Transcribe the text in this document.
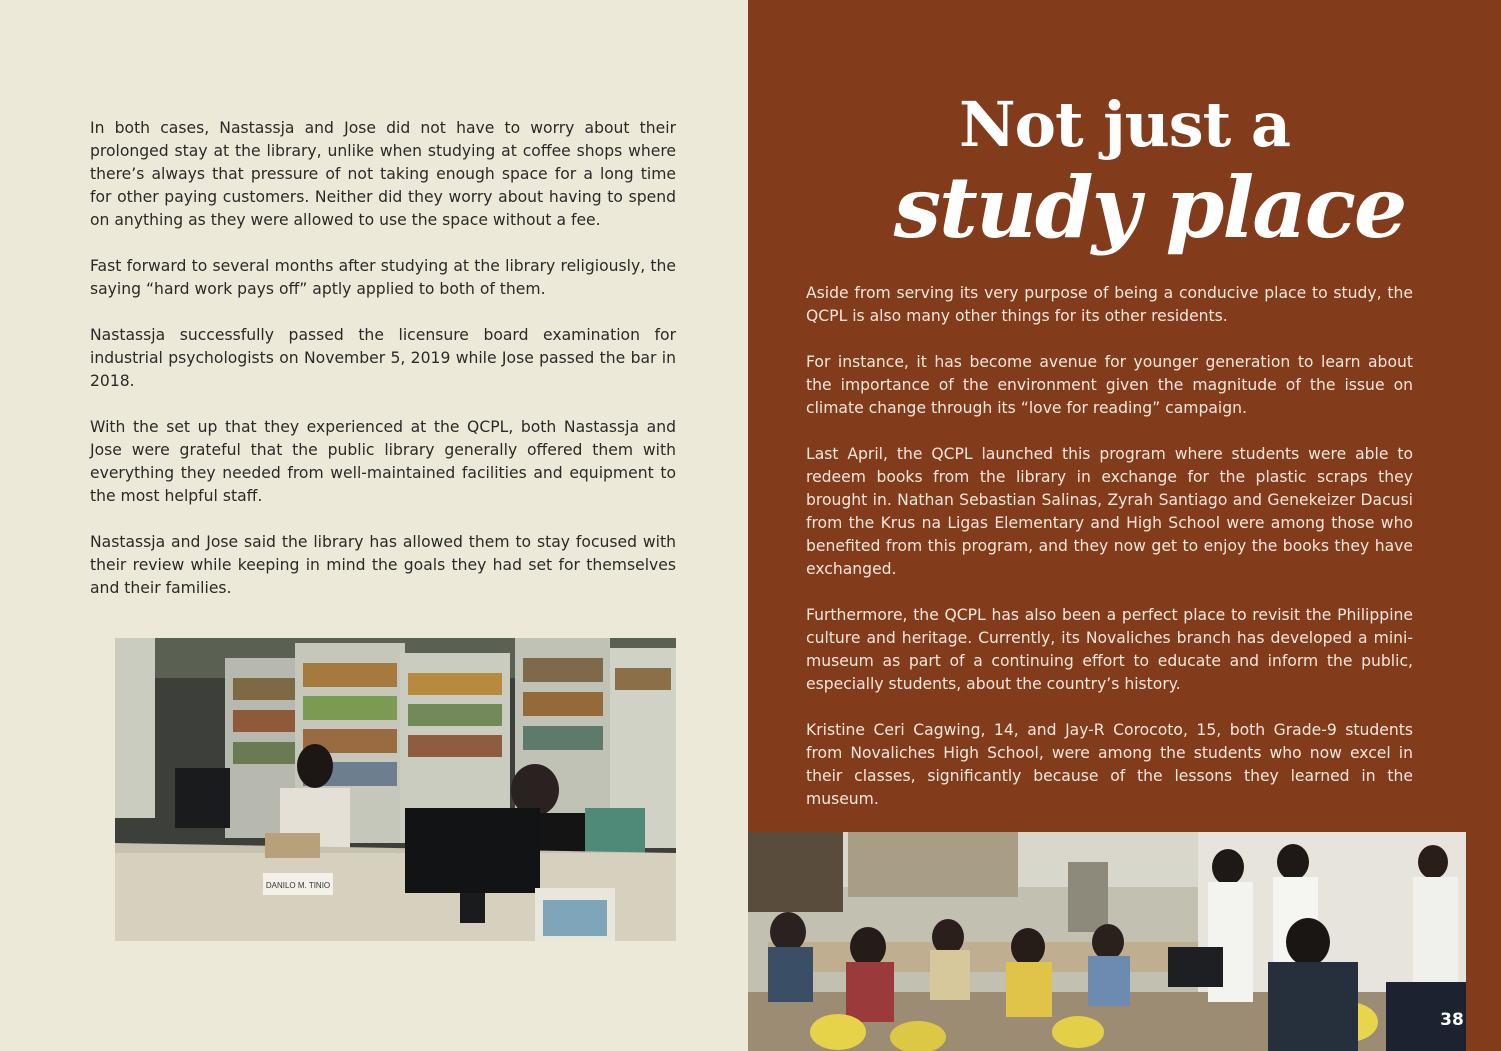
In both cases, Nastassja and Jose did not have to worry about their prolonged stay at the library, unlike when studying at coffee shops where there’s always that pressure of not taking enough space for a long time for other paying customers. Neither did they worry about having to spend on anything as they were allowed to use the space without a fee.

Fast forward to several months after studying at the library religiously, the saying “hard work pays off” aptly applied to both of them.

Nastassja successfully passed the licensure board examination for industrial psychologists on November 5, 2019 while Jose passed the bar in 2018.

With the set up that they experienced at the QCPL, both Nastassja and Jose were grateful that the public library generally offered them with everything they needed from well-maintained facilities and equipment to the most helpful staff.

Nastassja and Jose said the library has allowed them to stay focused with their review while keeping in mind the goals they had set for themselves and their families.

DANILO M. TINIO
Not just a
study place

Aside from serving its very purpose of being a conducive place to study, the QCPL is also many other things for its other residents.

For instance, it has become avenue for younger generation to learn about the importance of the environment given the magnitude of the issue on climate change through its “love for reading” campaign.

Last April, the QCPL launched this program where students were able to redeem books from the library in exchange for the plastic scraps they brought in. Nathan Sebastian Salinas, Zyrah Santiago and Genekeizer Dacusi from the Krus na Ligas Elementary and High School were among those who benefited from this program, and they now get to enjoy the books they have exchanged.

Furthermore, the QCPL has also been a perfect place to revisit the Philippine culture and heritage. Currently, its Novaliches branch has developed a mini-museum as part of a continuing effort to educate and inform the public, especially students, about the country’s history.

Kristine Ceri Cagwing, 14, and Jay-R Corocoto, 15, both Grade-9 students from Novaliches High School, were among the students who now excel in their classes, significantly because of the lessons they learned in the museum.

38
